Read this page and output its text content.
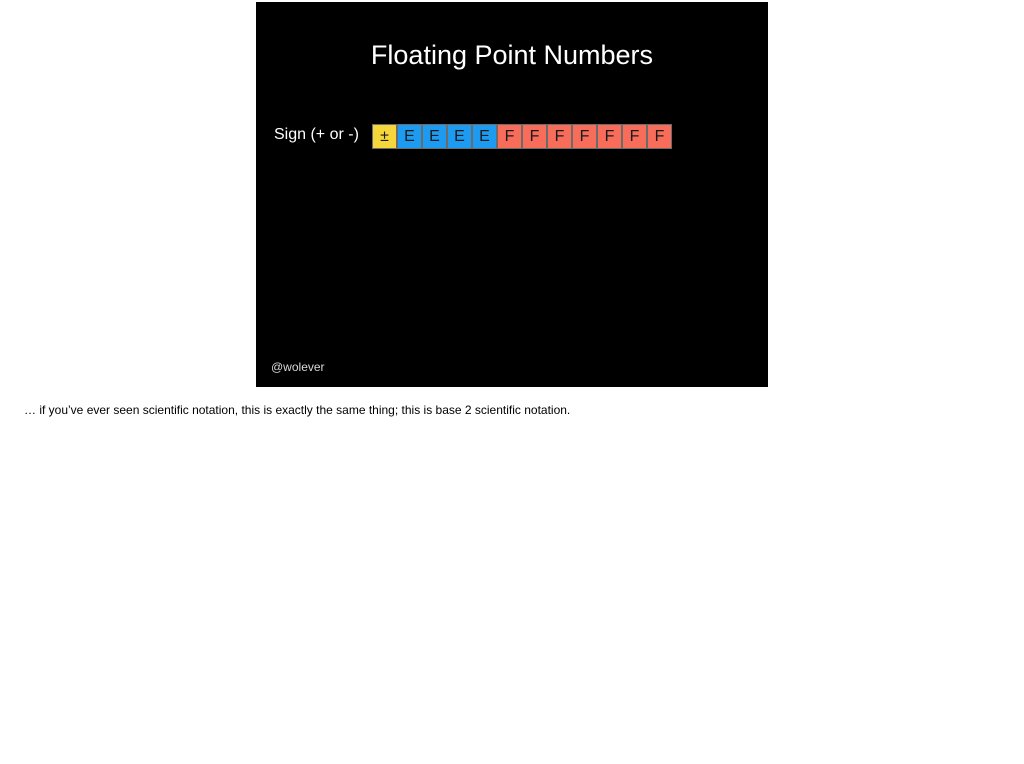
Floating Point Numbers
Sign (+ or -)	± E E E E F F F F F F F
@wolever
… if you’ve ever seen scientific notation, this is exactly the same thing; this is base 2 scientific notation.
